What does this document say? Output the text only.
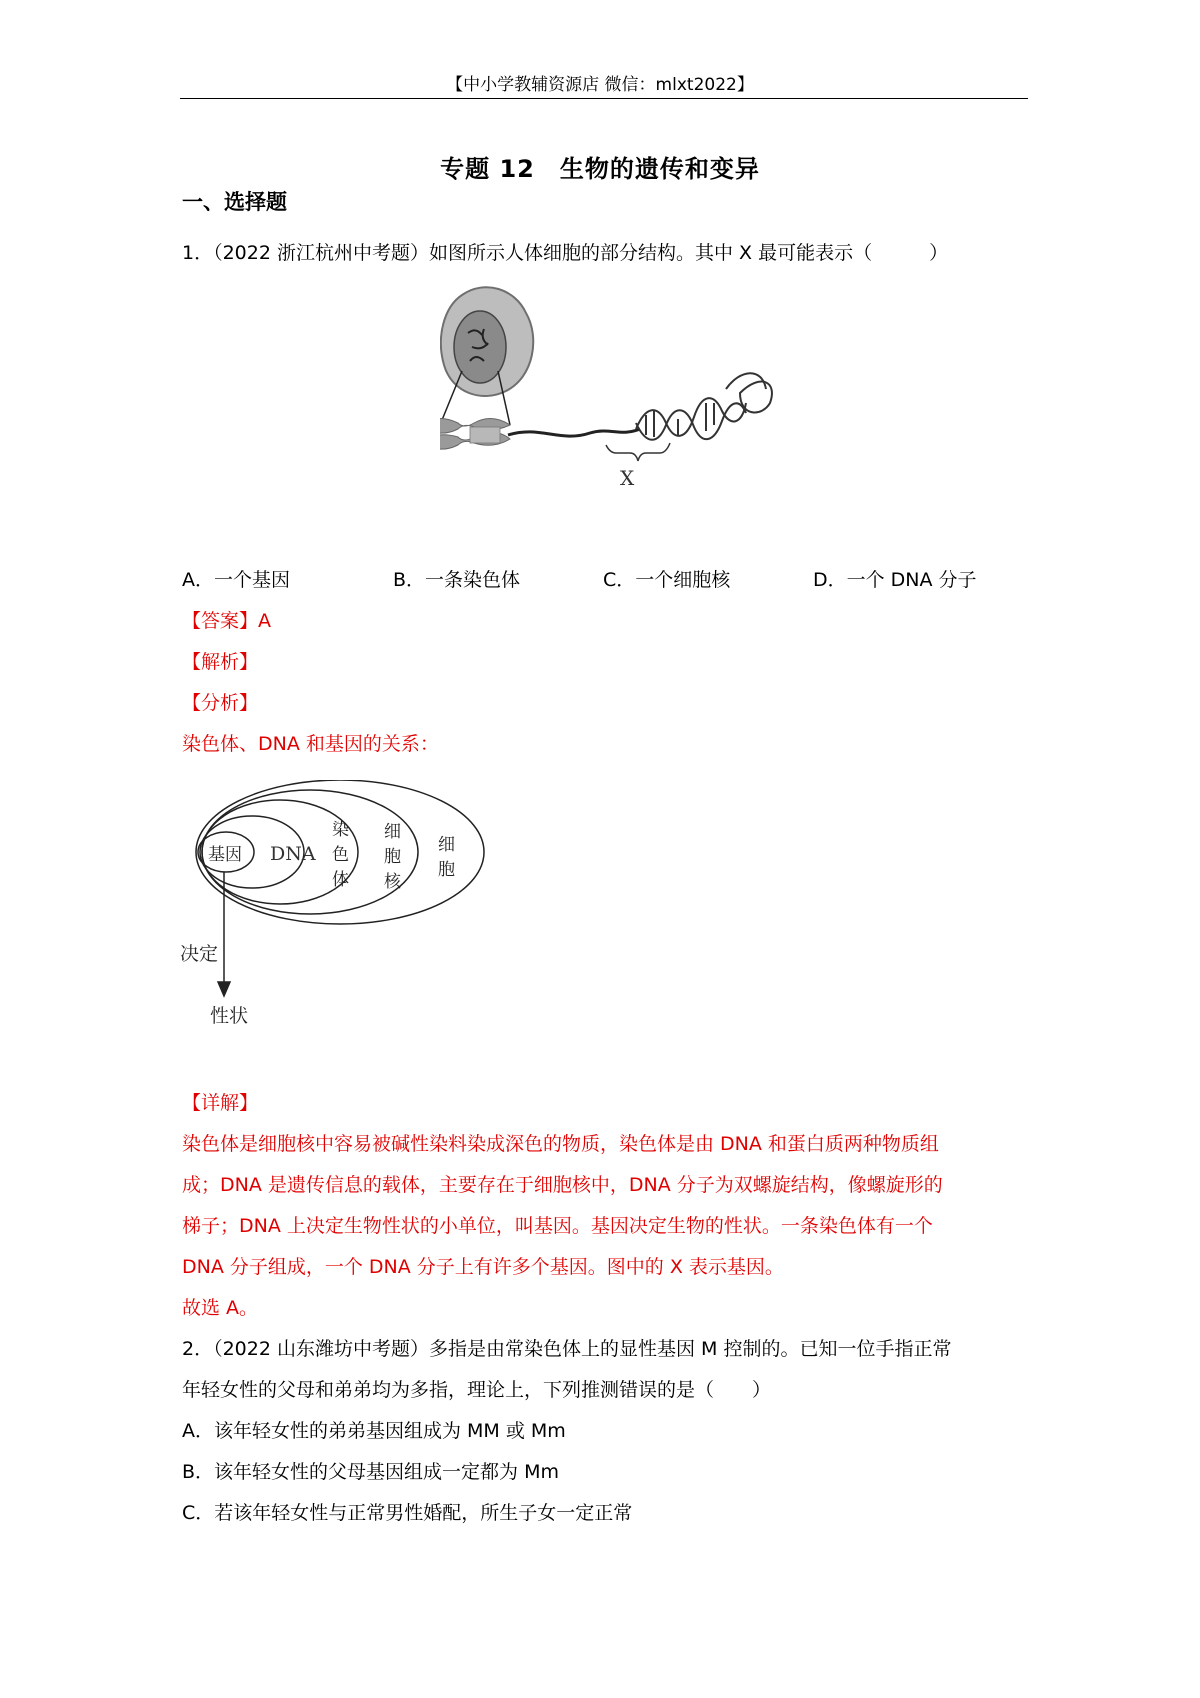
【中小学教辅资源店 微信：mlxt2022】
专题 12　生物的遗传和变异
一、选择题
1．（2022 浙江杭州中考题）如图所示人体细胞的部分结构。其中 X 最可能表示（　　　）
X
A．一个基因	B．一条染色体	C．一个细胞核	D．一个 DNA 分子
【答案】A
【解析】
【分析】
染色体、DNA 和基因的关系：
基因 DNA
染
色
体
细
胞
核
细
胞
决定
性状
【详解】
染色体是细胞核中容易被碱性染料染成深色的物质，染色体是由 DNA 和蛋白质两种物质组
成；DNA 是遗传信息的载体，主要存在于细胞核中，DNA 分子为双螺旋结构，像螺旋形的
梯子；DNA 上决定生物性状的小单位，叫基因。基因决定生物的性状。一条染色体有一个
DNA 分子组成，一个 DNA 分子上有许多个基因。图中的 X 表示基因。
故选 A。
2．（2022 山东潍坊中考题）多指是由常染色体上的显性基因 M 控制的。已知一位手指正常
年轻女性的父母和弟弟均为多指，理论上，下列推测错误的是（　　）
A．该年轻女性的弟弟基因组成为 MM 或 Mm
B．该年轻女性的父母基因组成一定都为 Mm
C．若该年轻女性与正常男性婚配，所生子女一定正常
